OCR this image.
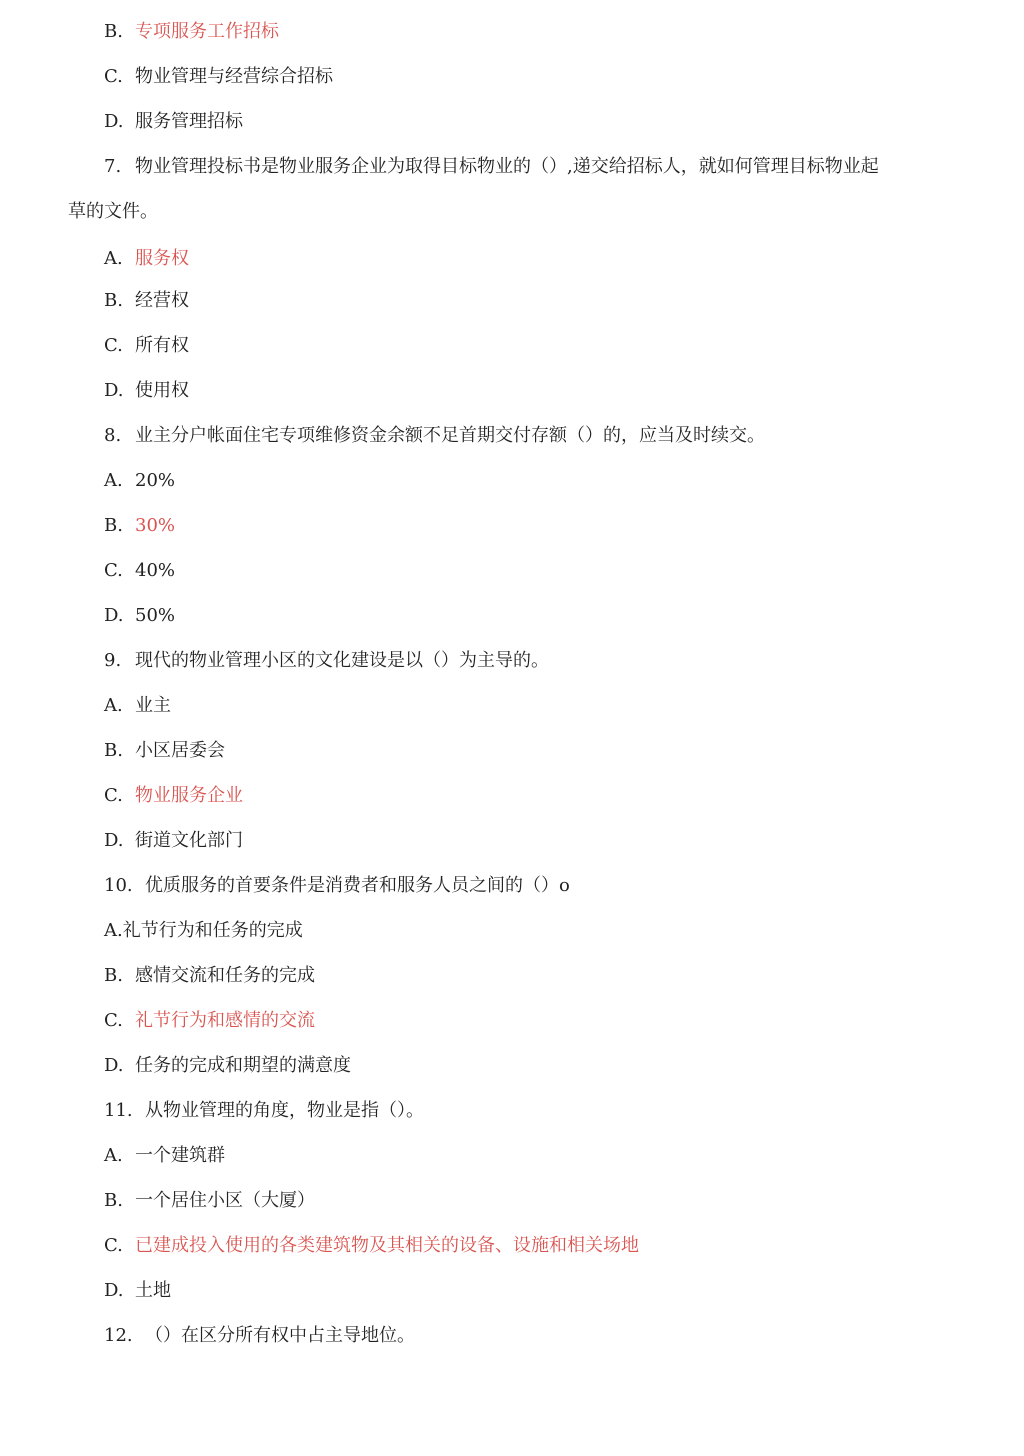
B. 专项服务工作招标
C. 物业管理与经营综合招标
D. 服务管理招标
7. 物业管理投标书是物业服务企业为取得目标物业的（）,递交给招标人，就如何管理目标物业起
草的文件。
A. 服务权
B. 经营权
C. 所有权
D. 使用权
8. 业主分户帐面住宅专项维修资金余额不足首期交付存额（）的，应当及时续交。
A. 20%
B. 30%
C. 40%
D. 50%
9. 现代的物业管理小区的文化建设是以（）为主导的。
A. 业主
B. 小区居委会
C. 物业服务企业
D. 街道文化部门
10. 优质服务的首要条件是消费者和服务人员之间的（）o
A.礼节行为和任务的完成
B. 感情交流和任务的完成
C. 礼节行为和感情的交流
D. 任务的完成和期望的满意度
11. 从物业管理的角度，物业是指（）。
A. 一个建筑群
B. 一个居住小区（大厦）
C. 已建成投入使用的各类建筑物及其相关的设备、设施和相关场地
D. 土地
12. （）在区分所有权中占主导地位。
